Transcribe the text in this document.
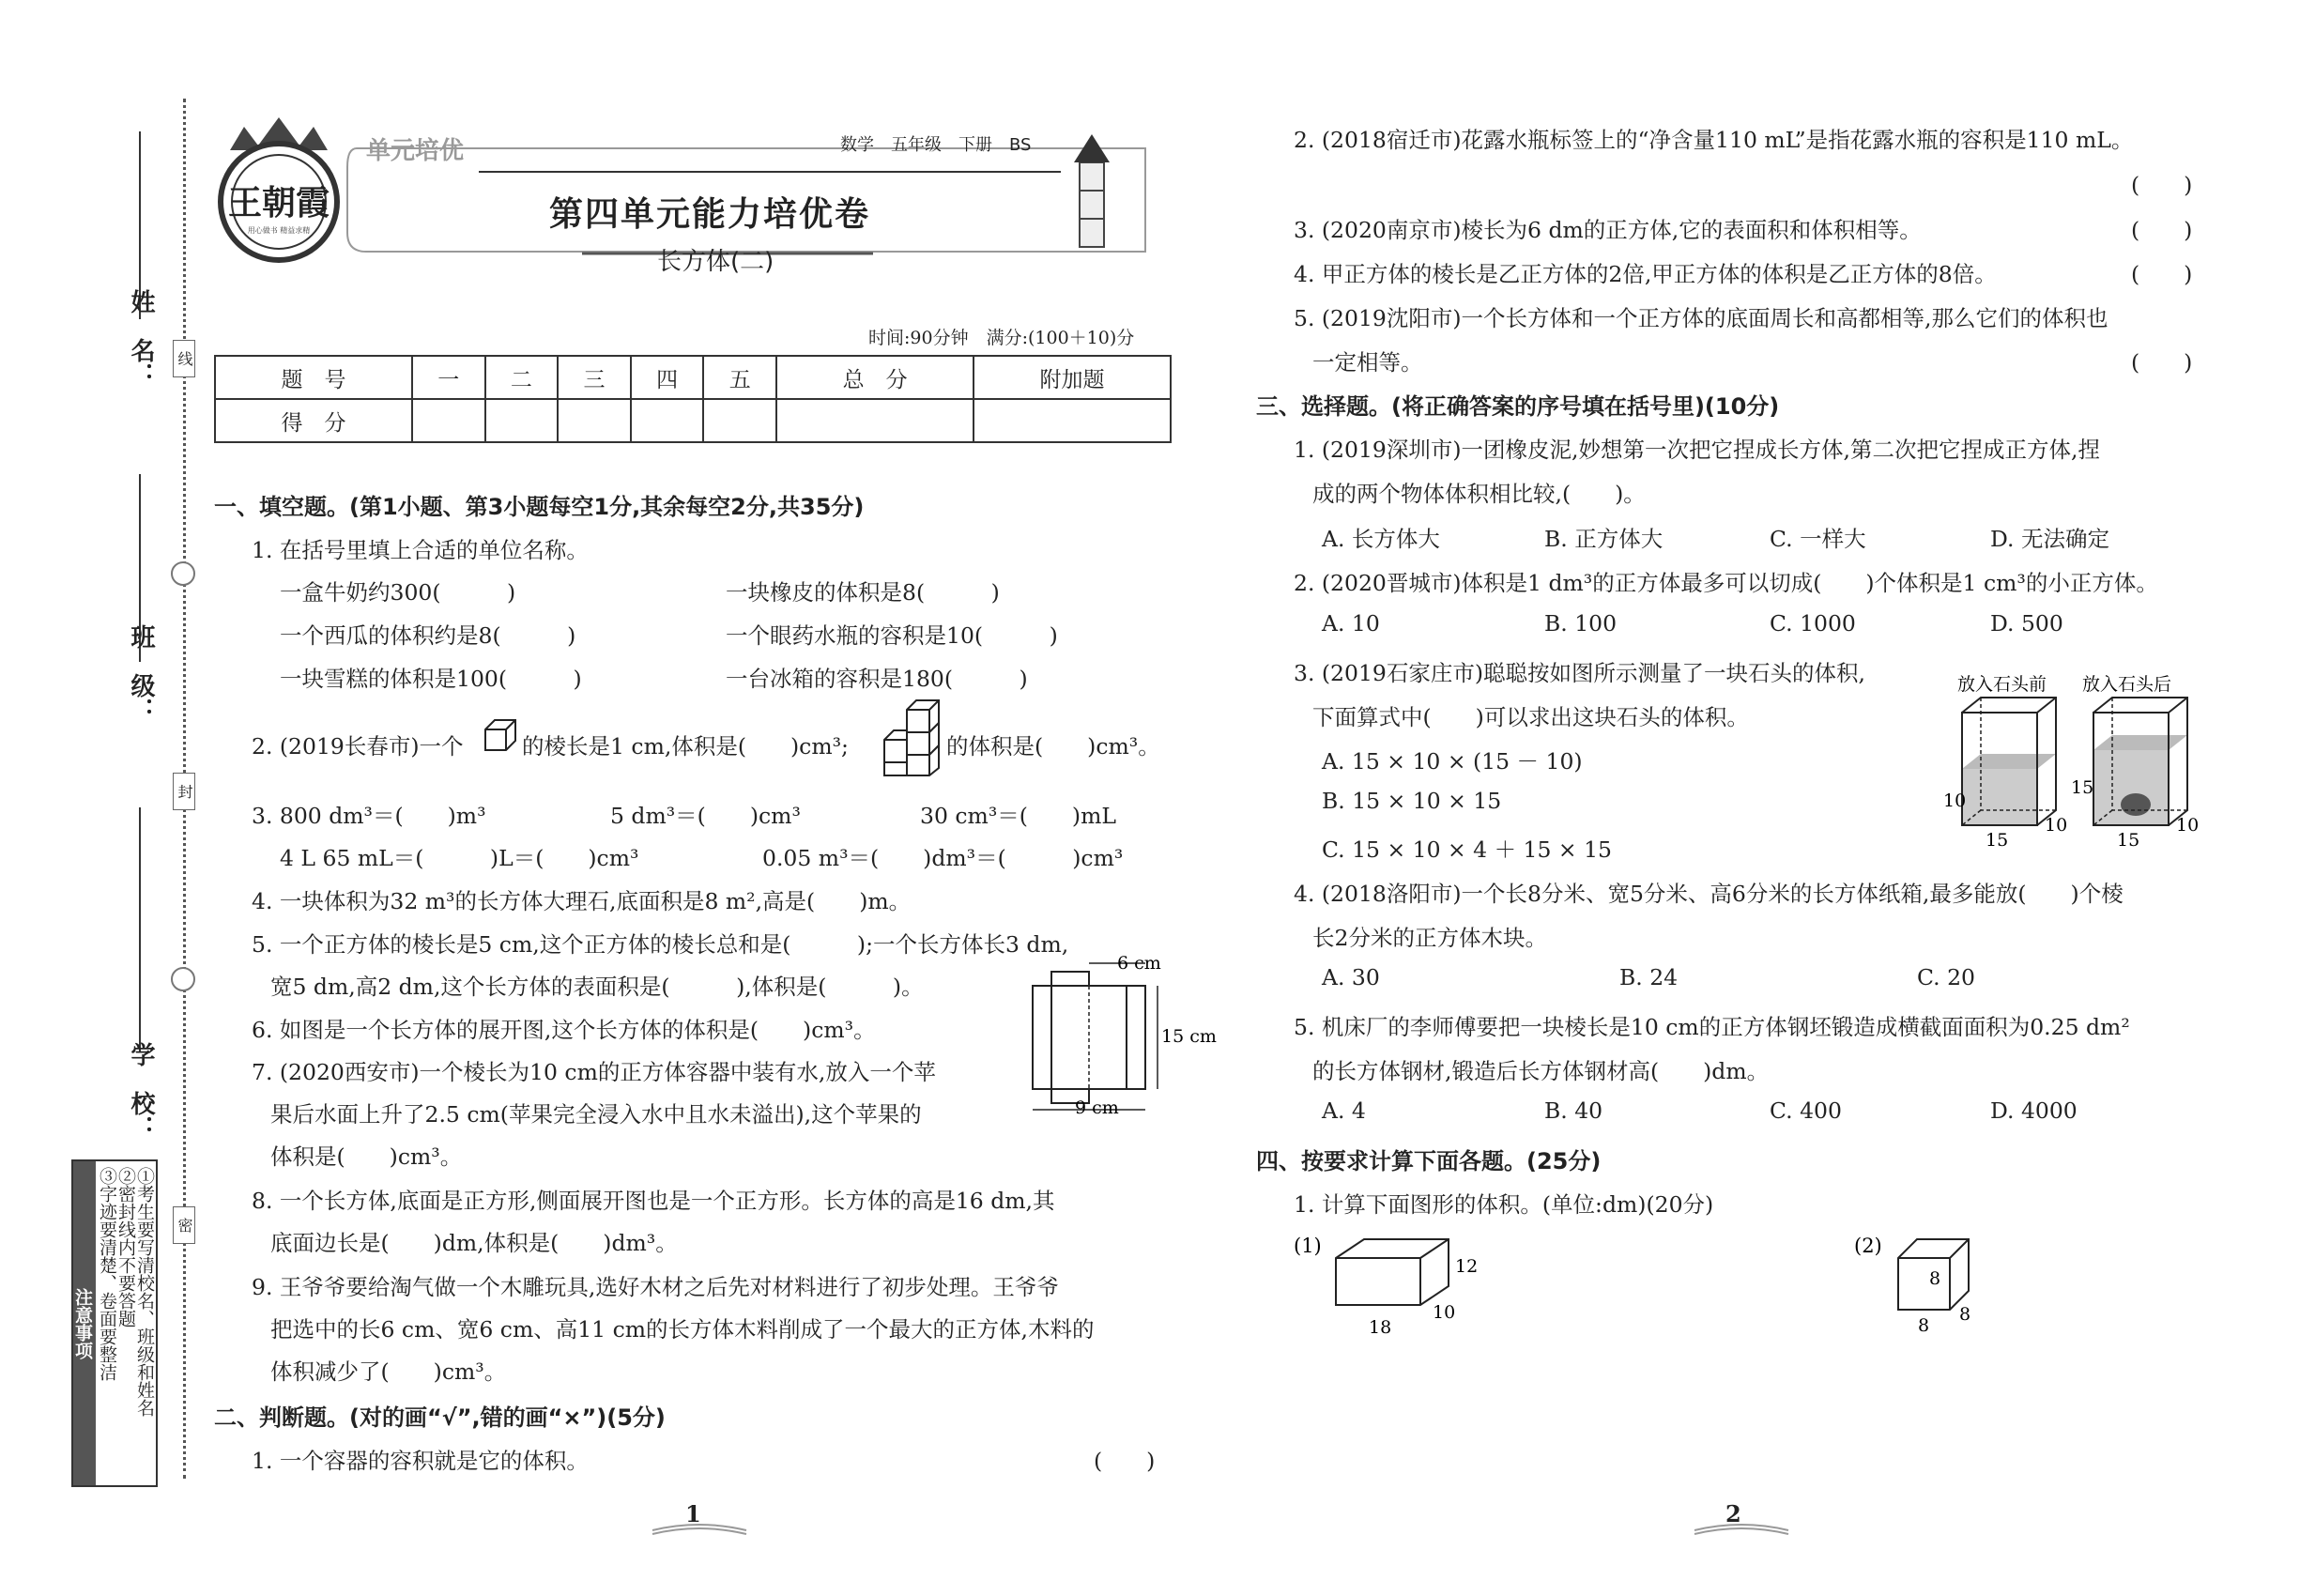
姓　名：
班　级：
学　校：
线
封
密
注意事项 ①考生要写清校名、班级和姓名
②密封线内不要答题
③字迹要清楚、卷面要整洁
王朝霞
用心做书 精益求精
单元培优	数学　五年级　下册　BS
第四单元能力培优卷
长方体(二)
时间:90分钟　满分:(100＋10)分
题　号	一	二	三	四	五	总　分	附加题
得　分							
一、填空题。(第1小题、第3小题每空1分,其余每空2分,共35分)
1. 在括号里填上合适的单位名称。
一盒牛奶约300(　　　)	一块橡皮的体积是8(　　　)
一个西瓜的体积约是8(　　　)	一个眼药水瓶的容积是10(　　　)
一块雪糕的体积是100(　　　)	一台冰箱的容积是180(　　　)
2. (2019长春市)一个	的棱长是1 cm,体积是(　　)cm³;	的体积是(　　)cm³。
3. 800 dm³＝(　　)m³	5 dm³＝(　　)cm³	30 cm³＝(　　)mL
4 L 65 mL＝(　　　)L＝(　　)cm³	0.05 m³＝(　　)dm³＝(　　　)cm³
4. 一块体积为32 m³的长方体大理石,底面积是8 m²,高是(　　)m。
5. 一个正方体的棱长是5 cm,这个正方体的棱长总和是(　　　);一个长方体长3 dm,
宽5 dm,高2 dm,这个长方体的表面积是(　　　),体积是(　　　)。
6. 如图是一个长方体的展开图,这个长方体的体积是(　　)cm³。
6 cm
15 cm
9 cm
7. (2020西安市)一个棱长为10 cm的正方体容器中装有水,放入一个苹
果后水面上升了2.5 cm(苹果完全浸入水中且水未溢出),这个苹果的
体积是(　　)cm³。
8. 一个长方体,底面是正方形,侧面展开图也是一个正方形。长方体的高是16 dm,其
底面边长是(　　)dm,体积是(　　)dm³。
9. 王爷爷要给淘气做一个木雕玩具,选好木材之后先对材料进行了初步处理。王爷爷
把选中的长6 cm、宽6 cm、高11 cm的长方体木料削成了一个最大的正方体,木料的
体积减少了(　　)cm³。
二、判断题。(对的画“√”,错的画“×”)(5分)
1. 一个容器的容积就是它的体积。	(　　)
1
2. (2018宿迁市)花露水瓶标签上的“净含量110 mL”是指花露水瓶的容积是110 mL。
(　　)
3. (2020南京市)棱长为6 dm的正方体,它的表面积和体积相等。	(　　)
4. 甲正方体的棱长是乙正方体的2倍,甲正方体的体积是乙正方体的8倍。	(　　)
5. (2019沈阳市)一个长方体和一个正方体的底面周长和高都相等,那么它们的体积也
一定相等。	(　　)
三、选择题。(将正确答案的序号填在括号里)(10分)
1. (2019深圳市)一团橡皮泥,妙想第一次把它捏成长方体,第二次把它捏成正方体,捏
成的两个物体体积相比较,(　　)。
A. 长方体大	B. 正方体大	C. 一样大	D. 无法确定
2. (2020晋城市)体积是1 dm³的正方体最多可以切成(　　)个体积是1 cm³的小正方体。
A. 10	B. 100	C. 1000	D. 500
3. (2019石家庄市)聪聪按如图所示测量了一块石头的体积,
下面算式中(　　)可以求出这块石头的体积。
A. 15 × 10 × (15 － 10)
B. 15 × 10 × 15
C. 15 × 10 × 4 ＋ 15 × 15
放入石头前 放入石头后
10
15
10
15
15
10
4. (2018洛阳市)一个长8分米、宽5分米、高6分米的长方体纸箱,最多能放(　　)个棱
长2分米的正方体木块。
A. 30	B. 24	C. 20
5. 机床厂的李师傅要把一块棱长是10 cm的正方体钢坯锻造成横截面面积为0.25 dm²
的长方体钢材,锻造后长方体钢材高(　　)dm。
A. 4	B. 40	C. 400	D. 4000
四、按要求计算下面各题。(25分)
1. 计算下面图形的体积。(单位:dm)(20分)
(1)
12
18
10
(2)
8
8
8
2
